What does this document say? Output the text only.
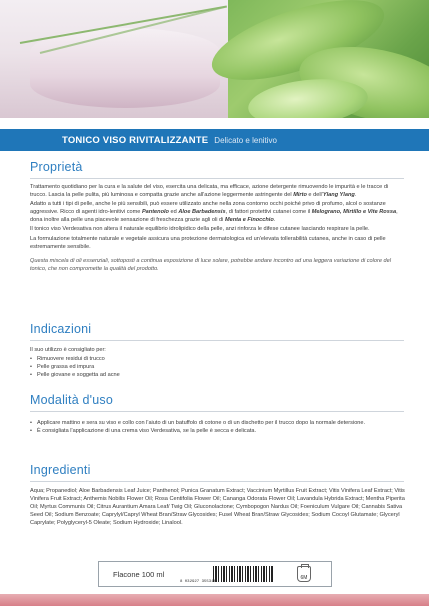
TONICO VISO RIVITALIZZANTE Delicato e lenitivo
Proprietà

Trattamento quotidiano per la cura e la salute del viso, esercita una delicata, ma efficace, azione detergente rimuovendo le impurità e le tracce di trucco. Lascia la pelle pulita, più luminosa e compatta grazie anche all'azione leggermente astringente del Mirto e dell'Ylang Ylang.

Adatto a tutti i tipi di pelle, anche le più sensibili, può essere utilizzato anche nella zona contorno occhi poiché privo di profumo, alcol o sostanze aggressive. Ricco di agenti idro-lenitivi come Pantenolo ed Aloe Barbadensis, di fattori protettivi cutanei come il Melograno, Mirtillo e Vite Rossa, dona inoltre alla pelle una piacevole sensazione di freschezza grazie agli oli di Menta e Finocchio.

Il tonico viso Verdesativa non altera il naturale equilibrio idrolipidico della pelle, anzi rinforza le difese cutanee lasciando respirare la pelle.

La formulazione totalmente naturale e vegetale assicura una protezione dermatologica ed un'elevata tollerabilità cutanea, anche in caso di pelle estremamente sensibile.

Questa miscela di oli essenziali, sottoposti a continua esposizione di luce solare, potrebbe andare incontro ad una leggera variazione di colore del tonico, che non compromette la qualità del prodotto.

Indicazioni

Il suo utilizzo è consigliato per:

• Rimuovere residui di trucco
• Pelle grassa ed impura
• Pelle giovane e soggetta ad acne
Modalità d'uso
• Applicare mattino e sera su viso e collo con l'aiuto di un batuffolo di cotone o di un dischetto per il trucco dopo la normale detersione.
• È consigliata l'applicazione di una crema viso Verdesativa, se la pelle è secca e delicata.
Ingredienti
Aqua; Propanediol; Aloe Barbadensis Leaf Juice; Panthenol; Punica Granatum Extract; Vaccinium Myrtillus Fruit Extract; Vitis Vinifera Leaf Extract; Vitis Vinifera Fruit Extract; Anthemis Nobilis Flower Oil; Rosa Centifolia Flower Oil; Cananga Odorata Flower Oil; Lavandula Hybrida Extract; Mentha Piperita Oil; Myrtus Communis Oil; Citrus Aurantium Amara Leaf/ Twig Oil; Gluconolactone; Cymbopogon Nardus Oil; Foeniculum Vulgare Oil; Cannabis Sativa Seed Oil; Sodium Benzoate; Caprylyl/Capryl Wheat Bran/Straw Glycosides; Fusel Wheat Bran/Straw Glycosides; Sodium Cocoyl Glutamate; Glyceryl Caprylate; Polyglyceryl-5 Oleate; Sodium Hydroxide; Linalool.
Flacone 100 ml	6M
8 032927 355316
